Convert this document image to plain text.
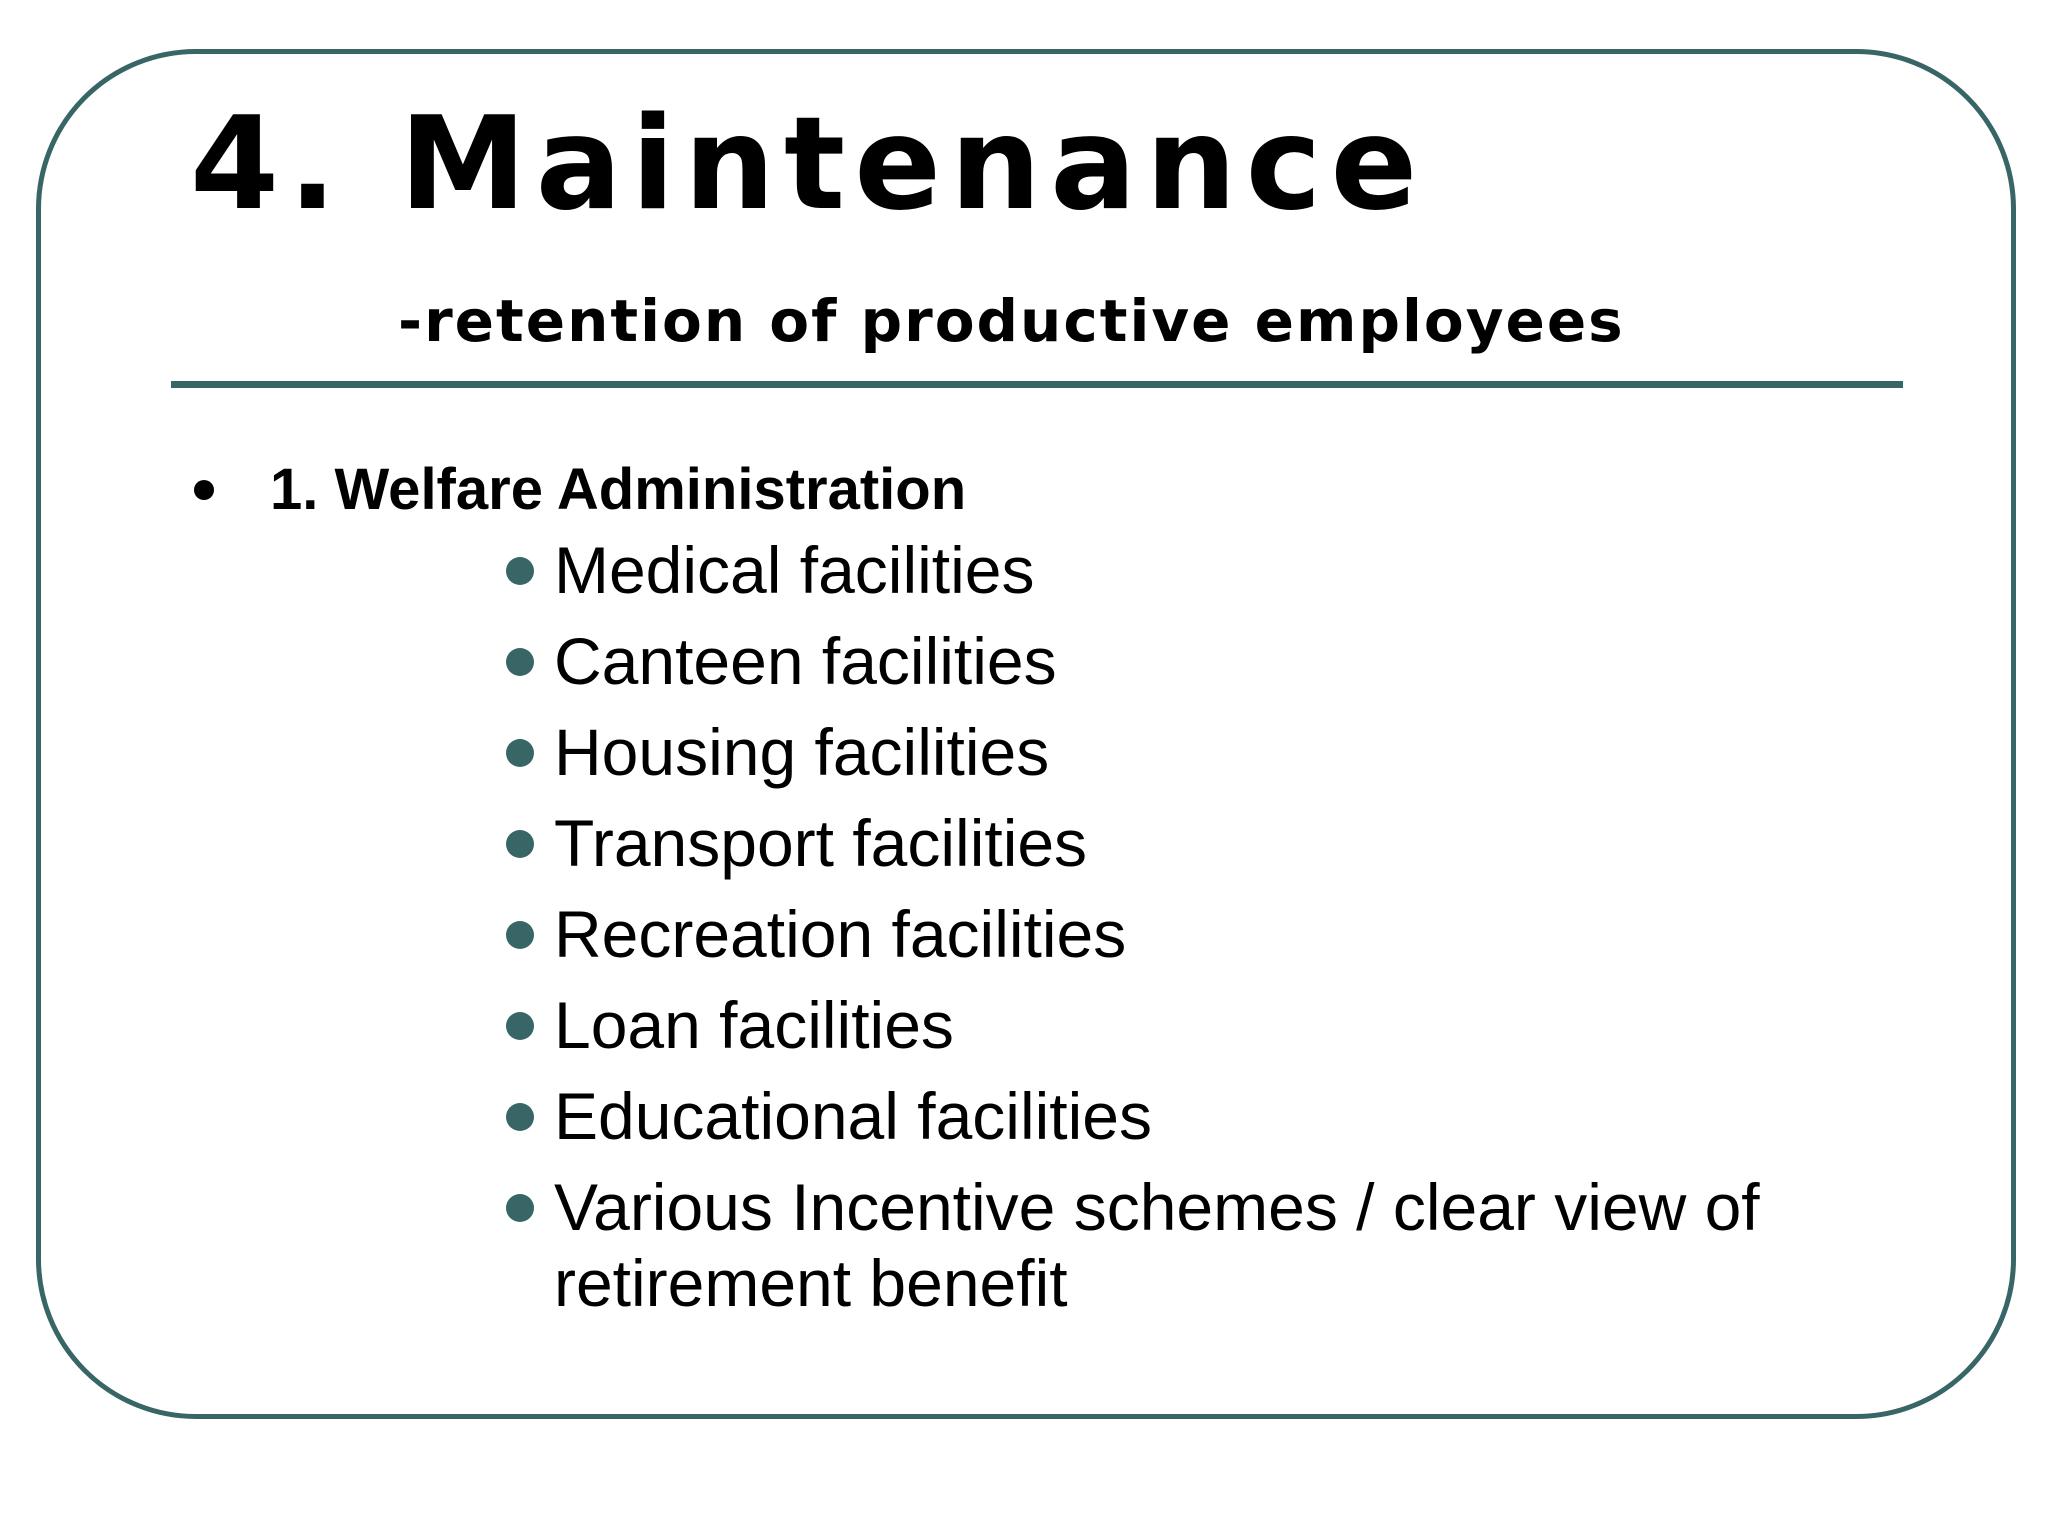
4. Maintenance
-retention of productive employees
1. Welfare Administration
Medical facilities
Canteen facilities
Housing facilities
Transport facilities
Recreation facilities
Loan facilities
Educational facilities
Various Incentive schemes / clear view of retirement benefit
